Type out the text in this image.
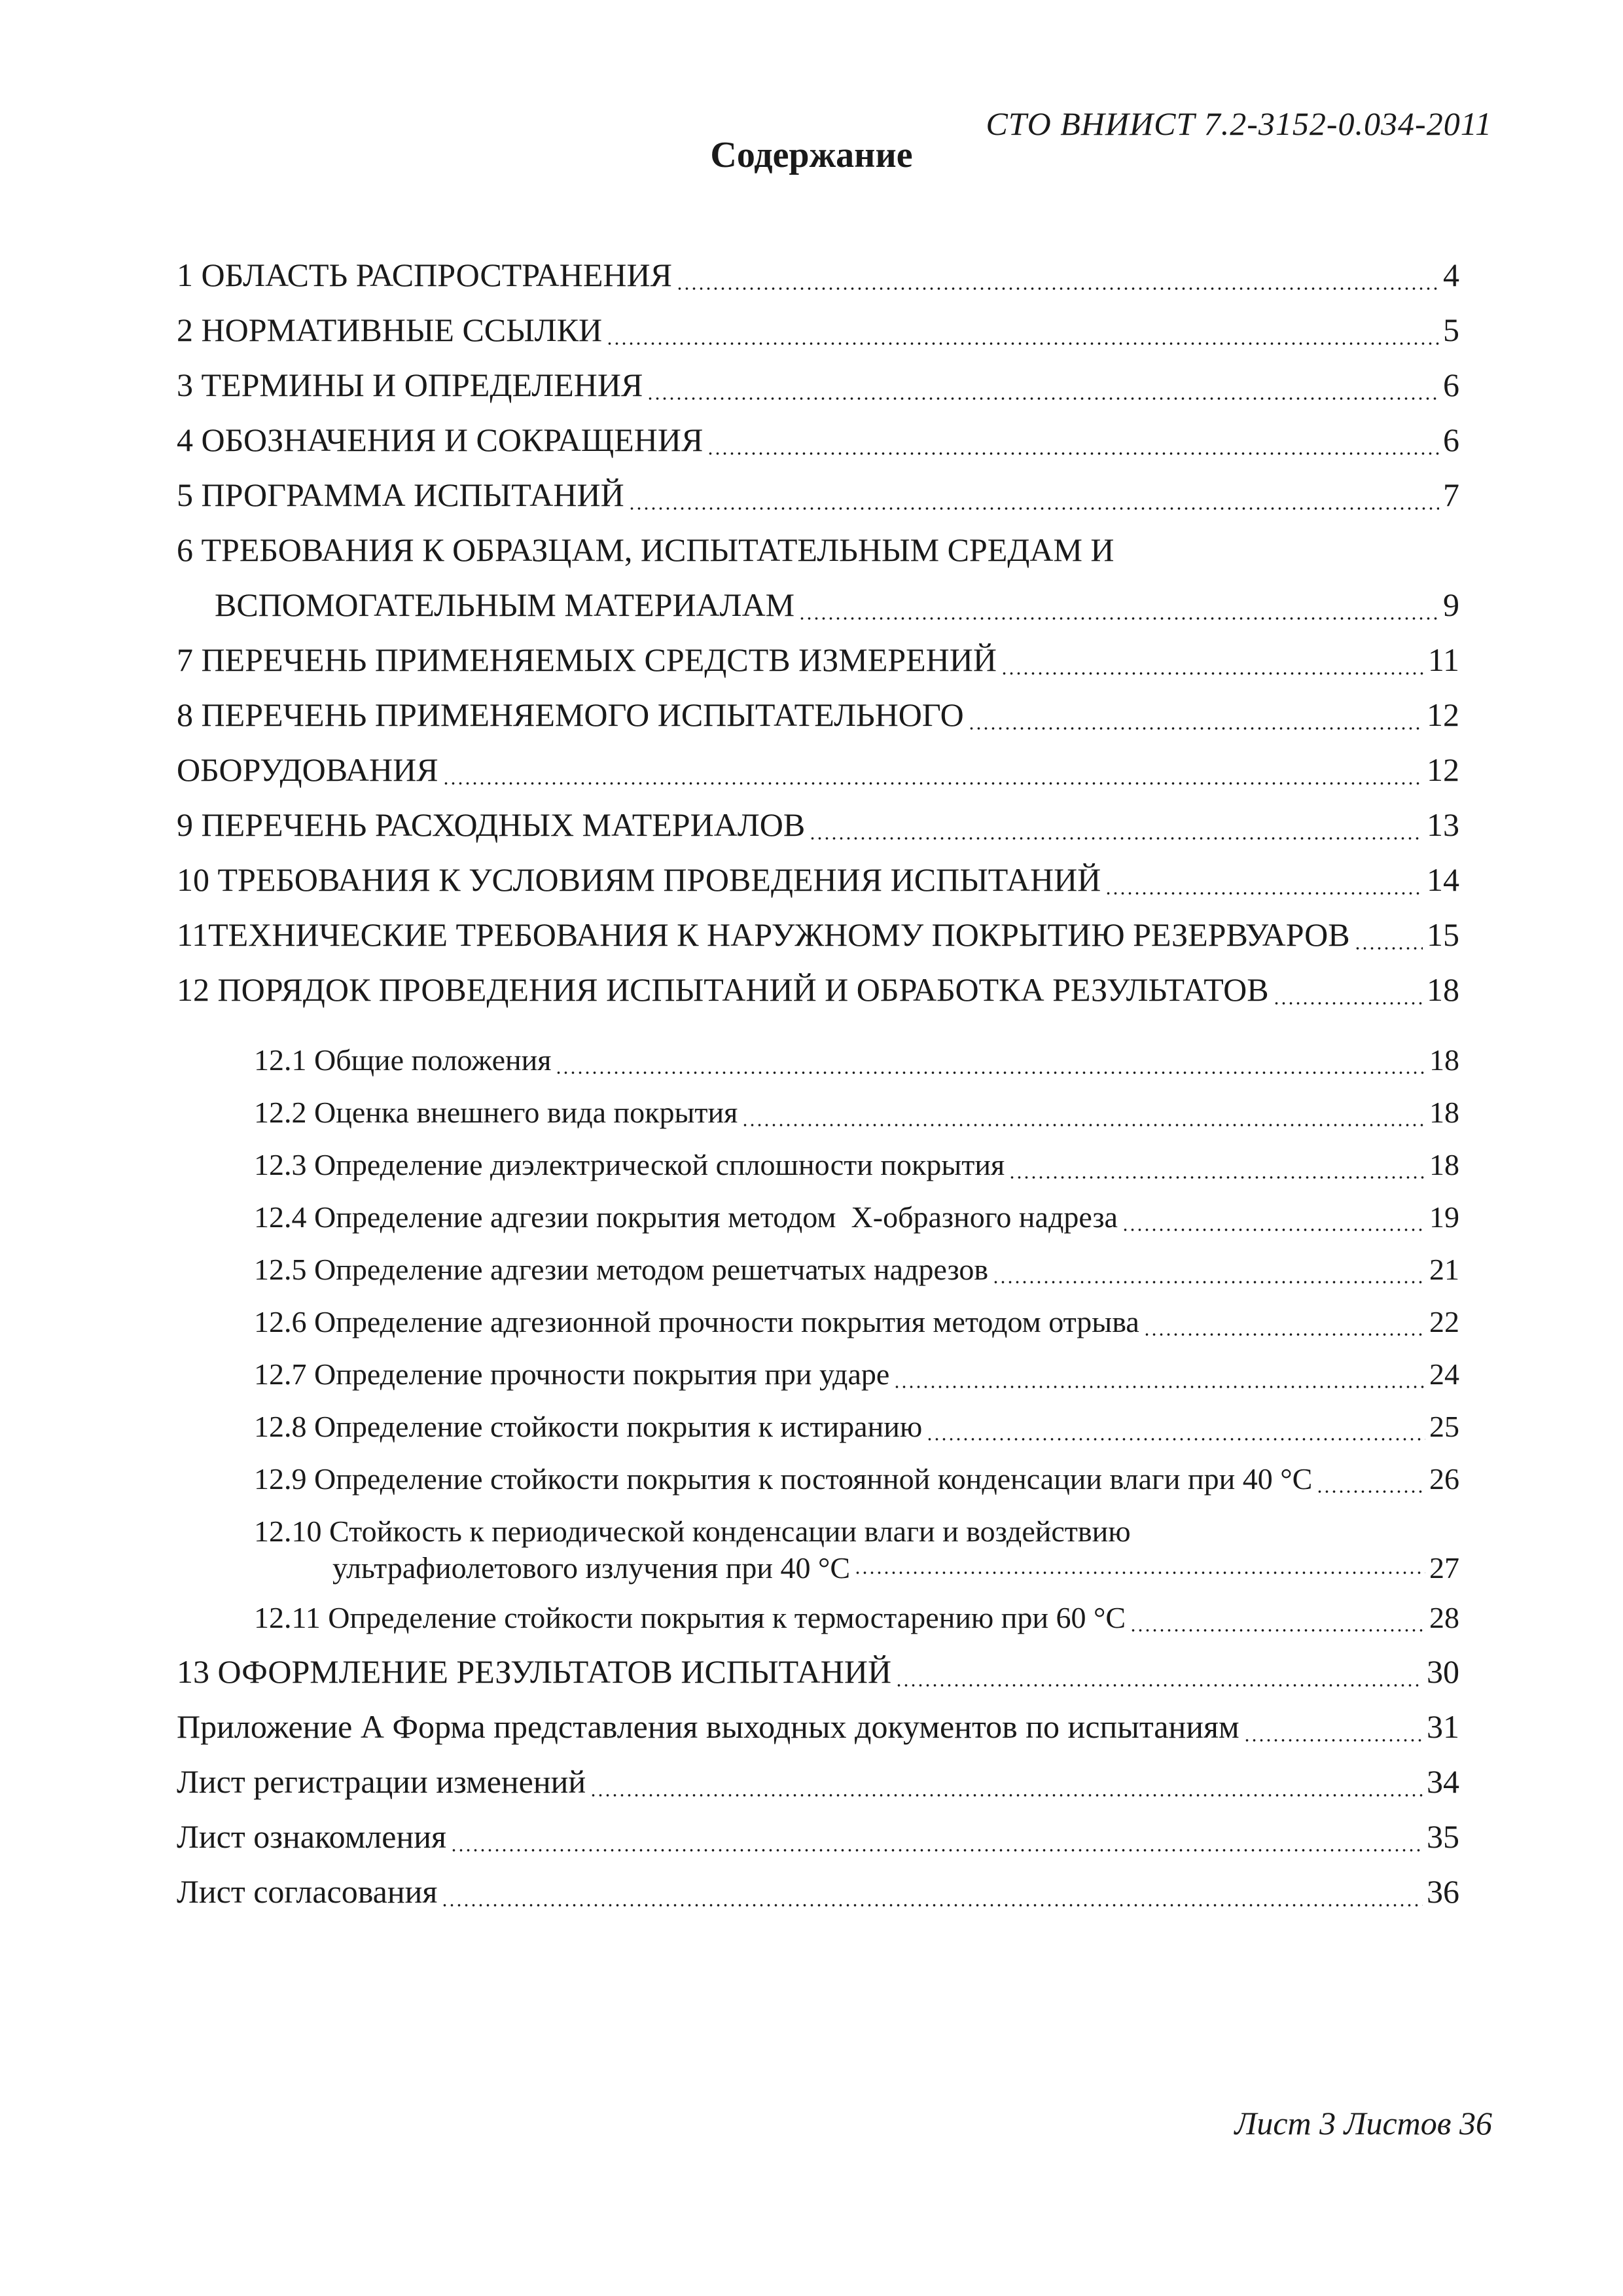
СТО ВНИИСТ 7.2-3152-0.034-2011
Содержание
1 ОБЛАСТЬ РАСПРОСТРАНЕНИЯ	4
2 НОРМАТИВНЫЕ ССЫЛКИ	5
3 ТЕРМИНЫ И ОПРЕДЕЛЕНИЯ	6
4 ОБОЗНАЧЕНИЯ И СОКРАЩЕНИЯ	6
5 ПРОГРАММА ИСПЫТАНИЙ	7
6 ТРЕБОВАНИЯ К ОБРАЗЦАМ, ИСПЫТАТЕЛЬНЫМ СРЕДАМ И
ВСПОМОГАТЕЛЬНЫМ МАТЕРИАЛАМ	9
7 ПЕРЕЧЕНЬ ПРИМЕНЯЕМЫХ СРЕДСТВ ИЗМЕРЕНИЙ	11
8 ПЕРЕЧЕНЬ ПРИМЕНЯЕМОГО ИСПЫТАТЕЛЬНОГО	12
ОБОРУДОВАНИЯ	12
9 ПЕРЕЧЕНЬ РАСХОДНЫХ МАТЕРИАЛОВ	13
10 ТРЕБОВАНИЯ К УСЛОВИЯМ ПРОВЕДЕНИЯ ИСПЫТАНИЙ	14
11ТЕХНИЧЕСКИЕ ТРЕБОВАНИЯ К НАРУЖНОМУ ПОКРЫТИЮ РЕЗЕРВУАРОВ 15
12 ПОРЯДОК ПРОВЕДЕНИЯ ИСПЫТАНИЙ И ОБРАБОТКА РЕЗУЛЬТАТОВ	18
12.1 Общие положения	18
12.2 Оценка внешнего вида покрытия	18
12.3 Определение диэлектрической сплошности покрытия	18
12.4 Определение адгезии покрытия методом  Х-образного надреза	19
12.5 Определение адгезии методом решетчатых надрезов	21
12.6 Определение адгезионной прочности покрытия методом отрыва	22
12.7 Определение прочности покрытия при ударе	24
12.8 Определение стойкости покрытия к истиранию	25
12.9 Определение стойкости покрытия к постоянной конденсации влаги при 40 °С	26
12.10 Стойкость к периодической конденсации влаги и воздействию
ультрафиолетового излучения при 40 °С	27
12.11 Определение стойкости покрытия к термостарению при 60 °С	28
13 ОФОРМЛЕНИЕ РЕЗУЛЬТАТОВ ИСПЫТАНИЙ	30
Приложение А Форма представления выходных документов по испытаниям	31
Лист регистрации изменений	34
Лист ознакомления	35
Лист согласования	36
Лист 3 Листов 36
